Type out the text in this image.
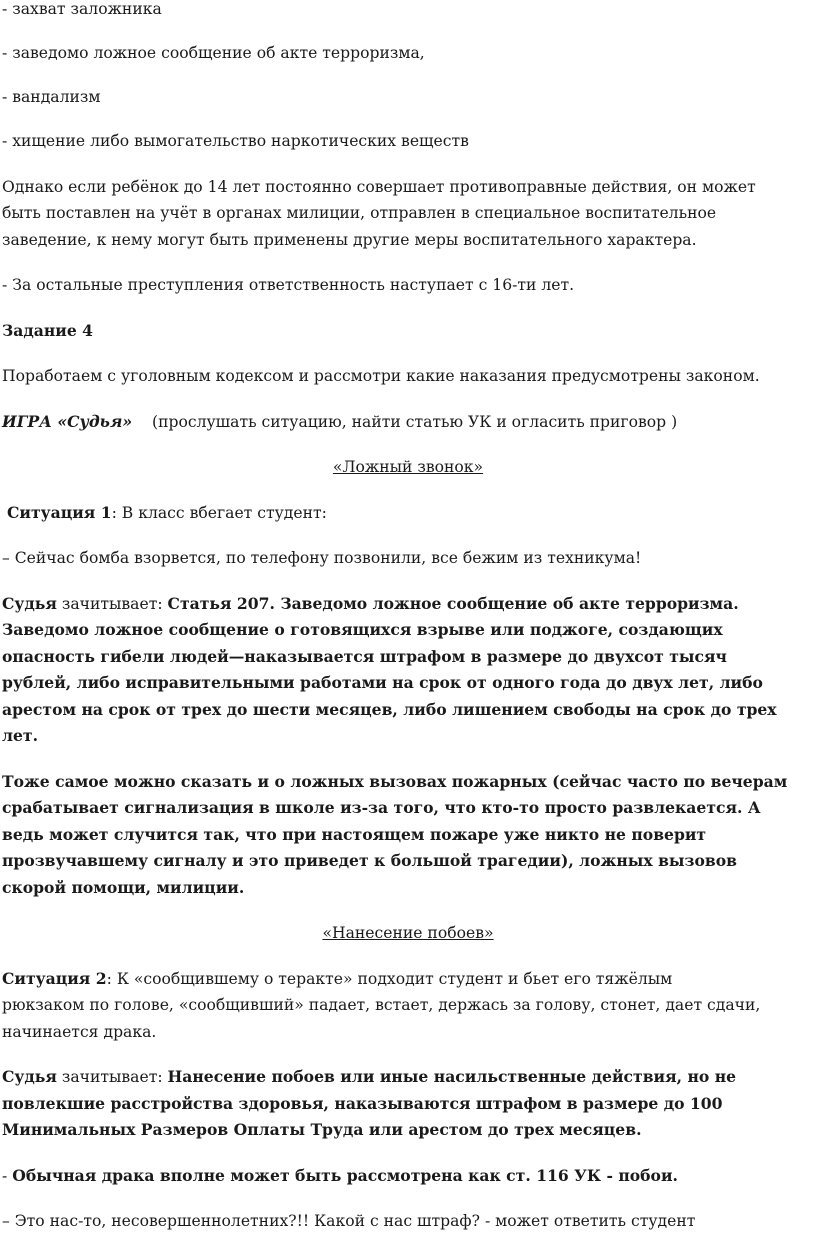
- захват заложника

- заведомо ложное сообщение об акте терроризма,

- вандализм

- хищение либо вымогательство наркотических веществ

Однако если ребёнок до 14 лет постоянно совершает противоправные действия, он может
быть поставлен на учёт в органах милиции, отправлен в специальное воспитательное
заведение, к нему могут быть применены другие меры воспитательного характера.

- За остальные преступления ответственность наступает с 16-ти лет.

Задание 4

Поработаем с уголовным кодексом и рассмотри какие наказания предусмотрены законом.

ИГРА «Судья» (прослушать ситуацию, найти статью УК и огласить приговор )

«Ложный звонок»

Ситуация 1: В класс вбегает студент:

– Сейчас бомба взорвется, по телефону позвонили, все бежим из техникума!

Судья зачитывает: Статья 207. Заведомо ложное сообщение об акте терроризма.
Заведомо ложное сообщение о готовящихся взрыве или поджоге, создающих
опасность гибели людей—наказывается штрафом в размере до двухсот тысяч
рублей, либо исправительными работами на срок от одного года до двух лет, либо
арестом на срок от трех до шести месяцев, либо лишением свободы на срок до трех
лет.

Тоже самое можно сказать и о ложных вызовах пожарных (сейчас часто по вечерам
срабатывает сигнализация в школе из-за того, что кто-то просто развлекается. А
ведь может случится так, что при настоящем пожаре уже никто не поверит
прозвучавшему сигналу и это приведет к большой трагедии), ложных вызовов
скорой помощи, милиции.

«Нанесение побоев»

Ситуация 2: К «сообщившему о теракте» подходит студент и бьет его тяжёлым
рюкзаком по голове, «сообщивший» падает, встает, держась за голову, стонет, дает сдачи,
начинается драка.

Судья зачитывает: Нанесение побоев или иные насильственные действия, но не
повлекшие расстройства здоровья, наказываются штрафом в размере до 100
Минимальных Размеров Оплаты Труда или арестом до трех месяцев.

- Обычная драка вполне может быть рассмотрена как ст. 116 УК - побои.

– Это нас-то, несовершеннолетних?!! Какой с нас штраф? - может ответить студент
